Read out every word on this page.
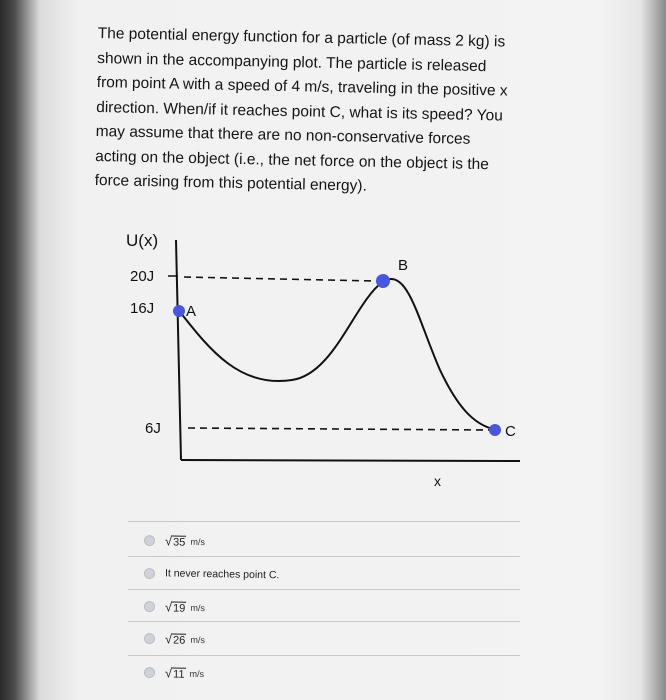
The potential energy function for a particle (of mass 2 kg) is
shown in the accompanying plot. The particle is released
from point A with a speed of 4 m/s, traveling in the positive x
direction. When/if it reaches point C, what is its speed? You
may assume that there are no non-conservative forces
acting on the object (i.e., the net force on the object is the
force arising from this potential energy).
U(x)
x
20J
16J
6J
A
B
C
√35 m/s
It never reaches point C.
√19 m/s
√26 m/s
√11 m/s
